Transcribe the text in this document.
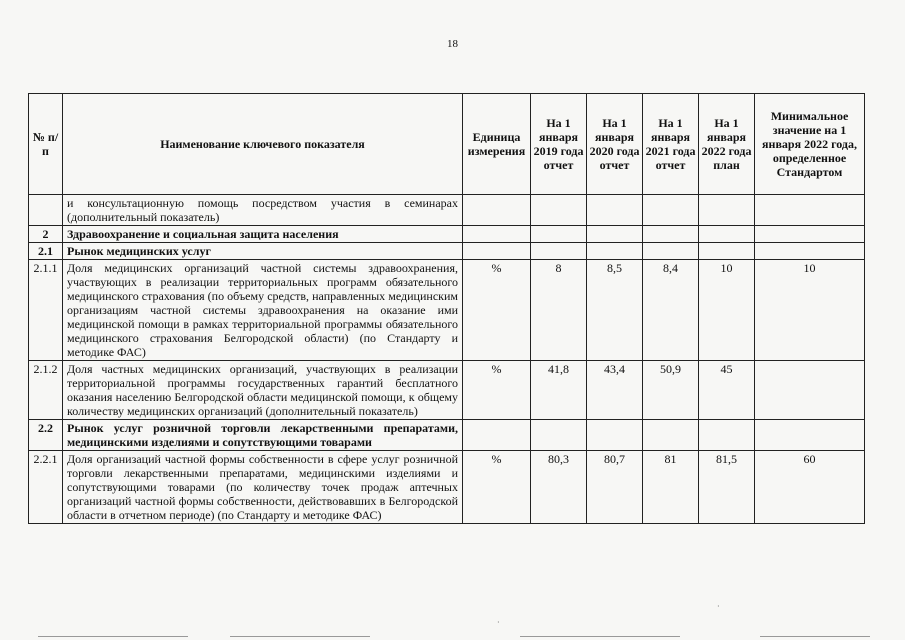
18
№ п/п	Наименование ключевого показателя	Единица измерения	На 1 января 2019 года отчет	На 1 января 2020 года отчет	На 1 января 2021 года отчет	На 1 января 2022 года план	Минимальное значение на 1 января 2022 года, определенное Стандартом
	и консультационную помощь посредством участия в семинарах (дополнительный показатель)						
2	Здравоохранение и социальная защита населения						
2.1	Рынок медицинских услуг						
2.1.1	Доля медицинских организаций частной системы здравоохранения, участвующих в реализации территориальных программ обязательного медицинского страхования (по объему средств, направленных медицинским организациям частной системы здравоохранения на оказание ими медицинской помощи в рамках территориальной программы обязательного медицинского страхования Белгородской области) (по Стандарту и методике ФАС)	%	8	8,5	8,4	10	10
2.1.2	Доля частных медицинских организаций, участвующих в реализации территориальной программы государственных гарантий бесплатного оказания населению Белгородской области медицинской помощи, к общему количеству медицинских организаций (дополнительный показатель)	%	41,8	43,4	50,9	45	
2.2	Рынок услуг розничной торговли лекарственными препаратами, медицинскими изделиями и сопутствующими товарами						
2.2.1	Доля организаций частной формы собственности в сфере услуг розничной торговли лекарственными препаратами, медицинскими изделиями и сопутствующими товарами (по количеству точек продаж аптечных организаций частной формы собственности, действовавших в Белгородской области в отчетном периоде) (по Стандарту и методике ФАС)	%	80,3	80,7	81	81,5	60
·
·
